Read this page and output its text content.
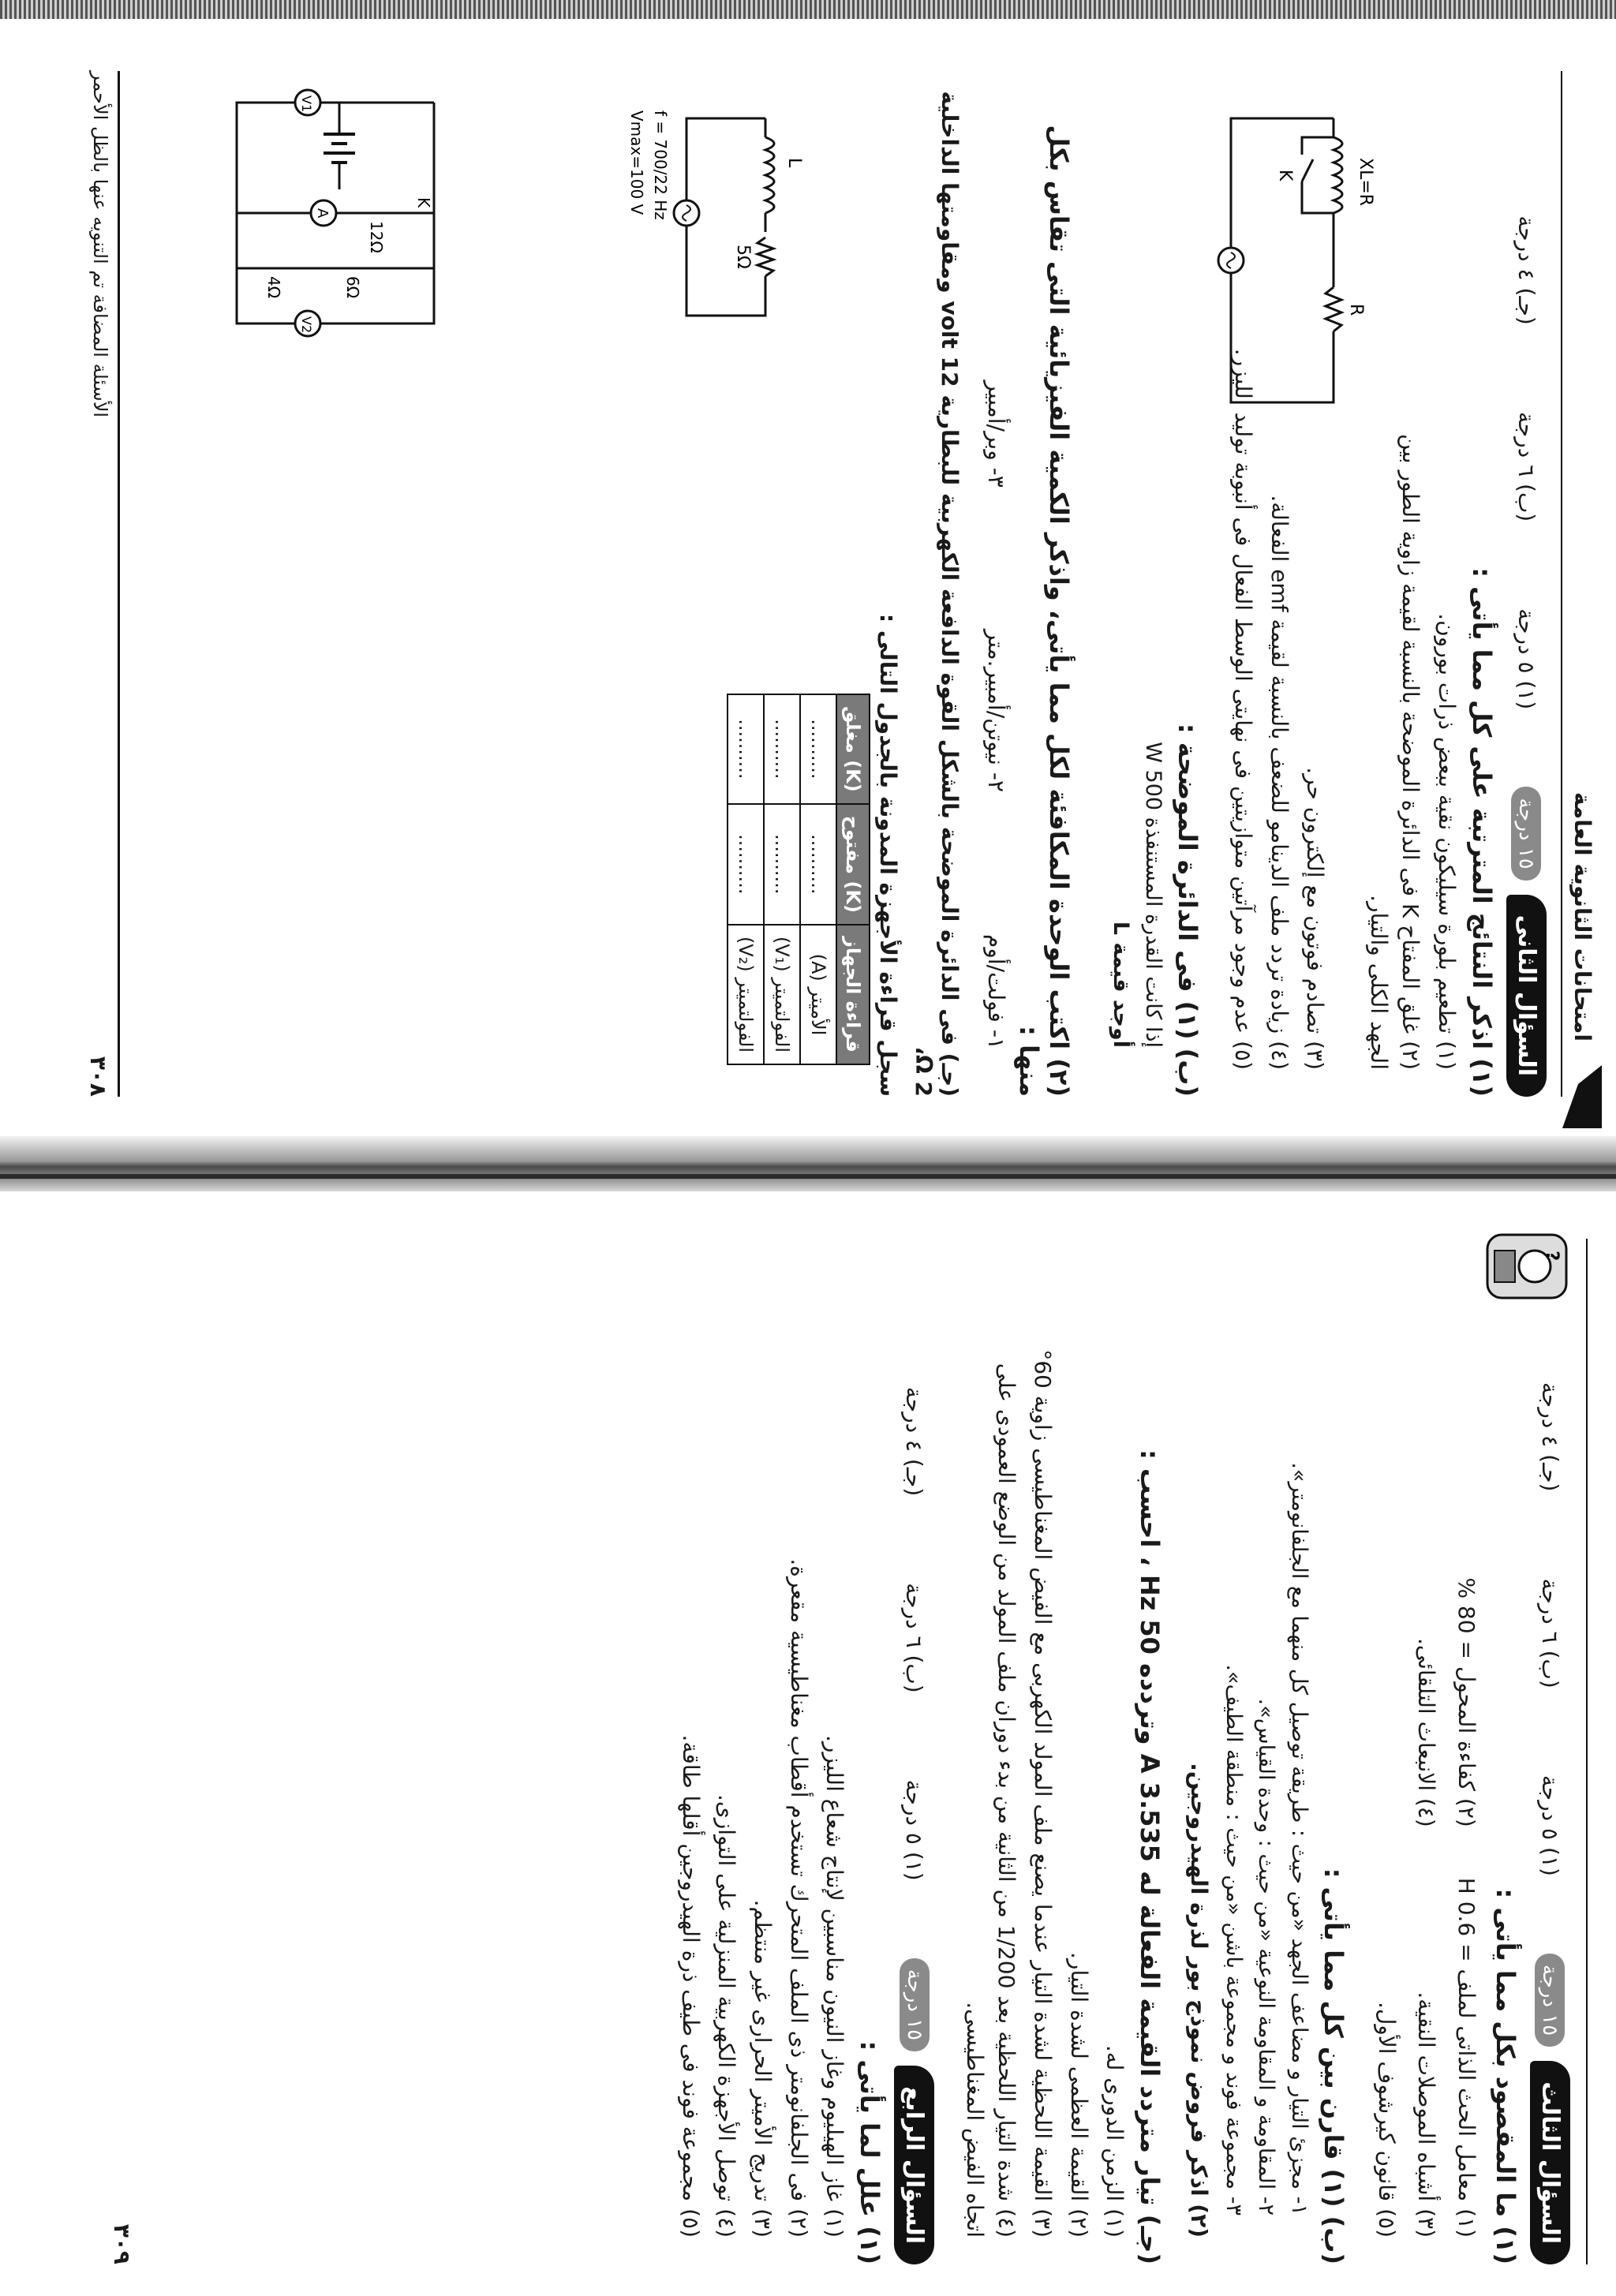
امتحانات الثانوية العامة
السؤال الثانى
١٥ درجة
(١) ٥ درجة
(ب) ٦ درجة
(جـ) ٤ درجة
(١) اذكر النتائج المترتبة على كل مما يأتى :
(١) تطعيم بلورة سيليكون نقية ببعض ذرات بورون.
(٢) غلق المفتاح K فى الدائرة الموضحة بالنسبة لقيمة زاوية الطور بين الجهد الكلى والتيار.
(٣) تصادم فوتون مع إلكترون حر.
(٤) زيادة تردد ملف الدينامو للضعف بالنسبة لقيمة emf الفعالة.
(٥) عدم وجود مرآتين متوازيتين فى نهايتى الوسط الفعال فى أنبوبة توليد الليزر.
(ب) (١) فى الدائرة الموضحة :
إذا كانت القدرة المستنفذة 500 W
أوجد قيمة L
(٢) اكتب الوحدة المكافئة لكل مما يأتى، واذكر الكمية الفيزيائية التى تقاس بكل منها :
١- فولت/أوم
٢- نيوتن/أمبير.متر
٣- وبر/أمبير
(جـ) فى الدائرة الموضحة بالشكل القوة الدافعة الكهربية للبطارية 12 volt ومقاومتها الداخلية 2 Ω،
سجل قراءة الأجهزة المدونة بالجدول التالى :
قراءة الجهاز	(K) مفتوح	(K) مغلق
الأميتر (A)	..........	..........
الفولتميتر (V₁)	..........	..........
الفولتميتر (V₂)	..........	..........
XL=R
R
K
L
5Ω
f = 700/22 Hz
Vmax=100 V
V1
A
V2
K
12Ω
6Ω
4Ω
٣٠٨
الأسئلة المضافة تم التنويه عنها بالظل الأحمر
?
السؤال الثالث
١٥ درجة
(١) ٥ درجة
(ب) ٦ درجة
(جـ) ٤ درجة
(١) ما المقصود بكل مما يأتى :
(١) معامل الحث الذاتى لملف = 0.6 H
(٢) كفاءة المحول = 80 %
(٣) أشباه الموصلات النقية.
(٤) الانبعاث التلقائى.
(٥) قانون كيرشوف الأول.
(ب) (١) قارن بين كل مما يأتى :
١- مجزئ التيار و مضاعف الجهد «من حيث : طريقة توصيل كل منهما مع الجلفانومتر».
٢- المقاومة و المقاومة النوعية «من حيث : وحدة القياس».
٣- مجموعة فوند و مجموعة باشن «من حيث : منطقة الطيف».
(٢) اذكر فروض نموذج بور لذرة الهيدروجين.
(جـ) تيار متردد القيمة الفعالة له 3.535 A وتردده 50 Hz ، احسب :
(١) الزمن الدورى له.
(٢) القيمة العظمى لشدة التيار.
(٣) القيمة اللحظية لشدة التيار عندما يصنع ملف المولد الكهربى مع الفيض المغناطيسى زاوية 60°
(٤) شدة التيار اللحظية بعد 1/200 من الثانية من بدء دوران ملف المولد من الوضع العمودى على اتجاه الفيض المغناطيسى.
السؤال الرابع
١٥ درجة
(١) ٥ درجة
(ب) ٦ درجة
(جـ) ٤ درجة
(١) علل لما يأتى :
(١) غاز الهيليوم وغاز النيون مناسبين لإنتاج شعاع الليزر.
(٢) فى الجلفانومتر ذى الملف المتحرك تستخدم أقطاب مغناطيسية مقعرة.
(٣) تدريج الأميتر الحرارى غير منتظم.
(٤) توصل الأجهزة الكهربية المنزلية على التوازى.
(٥) مجموعة فوند فى طيف ذرة الهيدروجين أقلها طاقة.
٣٠٩
